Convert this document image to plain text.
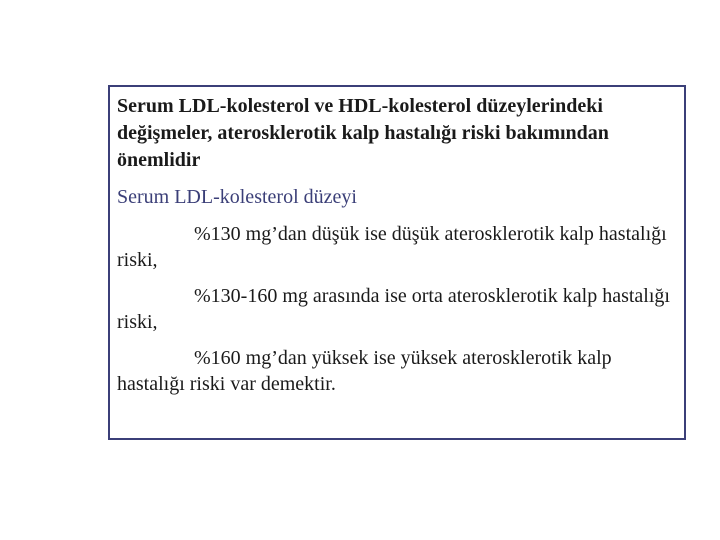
Serum LDL-kolesterol ve HDL-kolesterol düzeylerindeki değişmeler, aterosklerotik kalp hastalığı riski bakımından önemlidir

Serum LDL-kolesterol düzeyi

%130 mg’dan düşük ise düşük aterosklerotik kalp hastalığı riski,

%130-160 mg arasında ise orta aterosklerotik kalp hastalığı riski,

%160 mg’dan yüksek ise yüksek aterosklerotik kalp hastalığı riski var demektir.
